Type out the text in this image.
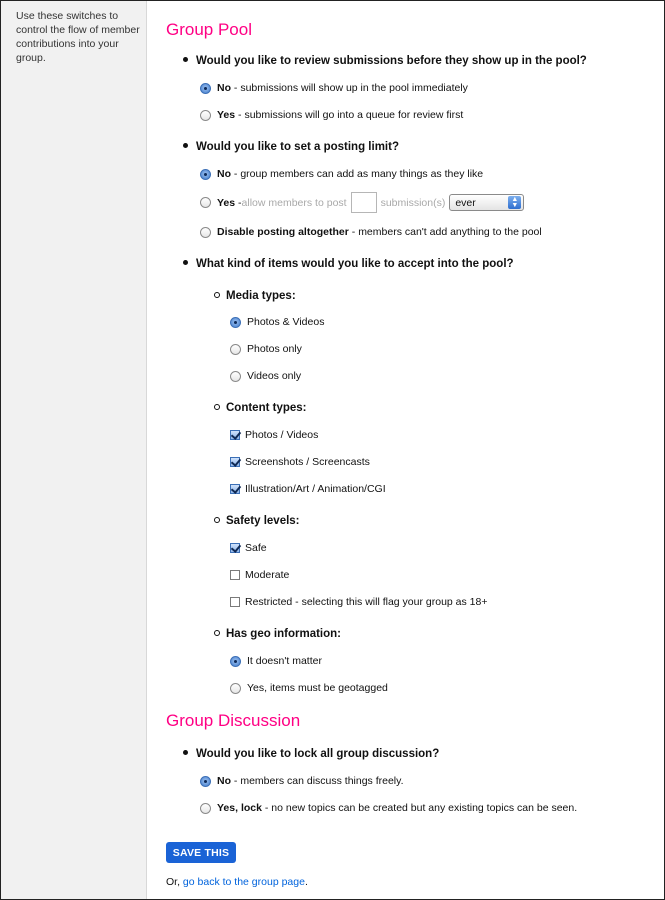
Use these switches to control the flow of member contributions into your group.
Group Pool
Would you like to review submissions before they show up in the pool?
No - submissions will show up in the pool immediately
Yes - submissions will go into a queue for review first
Would you like to set a posting limit?
No - group members can add as many things as they like
Yes - allow members to post	submission(s) ever	▲
▼
Disable posting altogether - members can't add anything to the pool
What kind of items would you like to accept into the pool?
Media types:
Photos & Videos
Photos only
Videos only
Content types:
Photos / Videos
Screenshots / Screencasts
Illustration/Art / Animation/CGI
Safety levels:
Safe
Moderate
Restricted - selecting this will flag your group as 18+
Has geo information:
It doesn't matter
Yes, items must be geotagged
Group Discussion
Would you like to lock all group discussion?
No - members can discuss things freely.
Yes, lock - no new topics can be created but any existing topics can be seen.
SAVE THIS
Or, go back to the group page.
